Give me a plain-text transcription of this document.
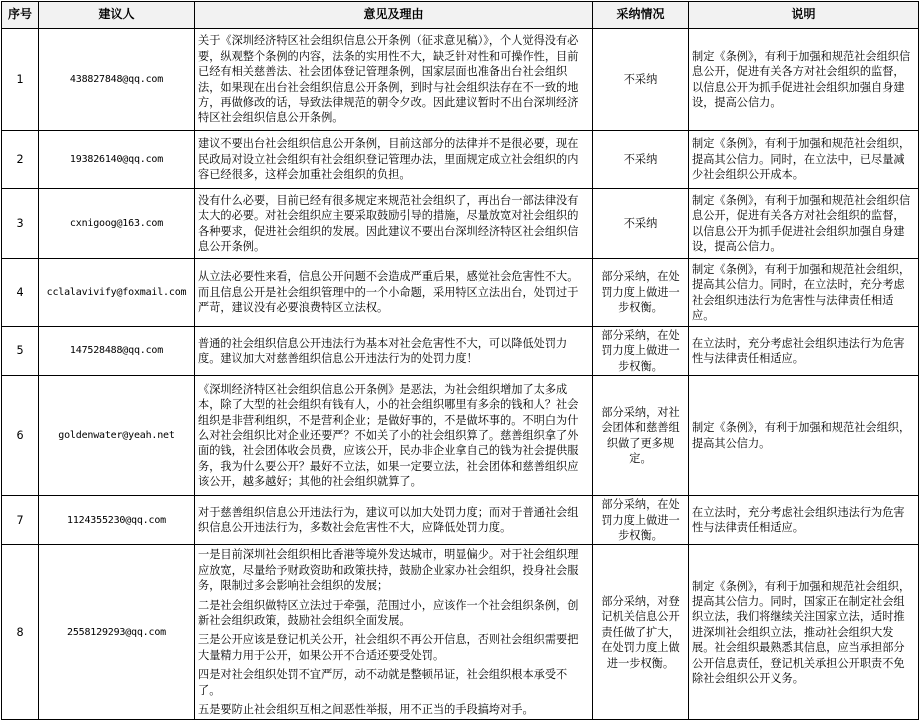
序号	建议人	意见及理由	采纳情况	说明
1	438827848@qq.com	关于《深圳经济特区社会组织信息公开条例（征求意见稿）》，个人觉得没有必要，纵观整个条例的内容，法条的实用性不大，缺乏针对性和可操作性，目前已经有相关慈善法、社会团体登记管理条例，国家层面也准备出台社会组织法，如果现在出台社会组织信息公开条例，到时与社会组织法存在不一致的地方，再做修改的话，导致法律规范的朝令夕改。因此建议暂时不出台深圳经济特区社会组织信息公开条例。	不采纳	制定《条例》，有利于加强和规范社会组织信息公开，促进有关各方对社会组织的监督，以信息公开为抓手促进社会组织加强自身建设，提高公信力。
2	193826140@qq.com	建议不要出台社会组织信息公开条例，目前这部分的法律并不是很必要，现在民政局对设立社会组织有社会组织登记管理办法，里面规定成立社会组织的内容已经很多，这样会加重社会组织的负担。	不采纳	制定《条例》，有利于加强和规范社会组织，提高其公信力。同时，在立法中，已尽量减少社会组织公开成本。
3	cxnigoog@163.com	没有什么必要，目前已经有很多规定来规范社会组织了，再出台一部法律没有太大的必要。对社会组织应主要采取鼓励引导的措施，尽量放宽对社会组织的各种要求，促进社会组织的发展。因此建议不要出台深圳经济特区社会组织信息公开条例。	不采纳	制定《条例》，有利于加强和规范社会组织信息公开，促进有关各方对社会组织的监督，以信息公开为抓手促进社会组织加强自身建设，提高公信力。
4	cclalavivify@foxmail.com	从立法必要性来看，信息公开问题不会造成严重后果，感觉社会危害性不大。而且信息公开是社会组织管理中的一个小命题，采用特区立法出台，处罚过于严苛，建议没有必要浪费特区立法权。	部分采纳，在处罚力度上做进一步权衡。	制定《条例》，有利于加强和规范社会组织，提高其公信力。同时，在立法时，充分考虑社会组织违法行为危害性与法律责任相适应。
5	147528488@qq.com	普通的社会组织信息公开违法行为基本对社会危害性不大，可以降低处罚力度。建议加大对慈善组织信息公开违法行为的处罚力度！	部分采纳，在处罚力度上做进一步权衡。	在立法时，充分考虑社会组织违法行为危害性与法律责任相适应。
6	goldenwater@yeah.net	《深圳经济特区社会组织信息公开条例》是恶法，为社会组织增加了太多成本，除了大型的社会组织有钱有人，小的社会组织哪里有多余的钱和人？社会组织是非营利组织，不是营利企业；是做好事的，不是做坏事的。不明白为什么对社会组织比对企业还要严？不如关了小的社会组织算了。慈善组织拿了外面的钱，社会团体收会员费，应该公开，民办非企业拿自己的钱为社会提供服务，我为什么要公开？最好不立法，如果一定要立法，社会团体和慈善组织应该公开，越多越好；其他的社会组织就算了。	部分采纳，对社会团体和慈善组织做了更多规定。	制定《条例》，有利于加强和规范社会组织，提高其公信力。
7	1124355230@qq.com	对于慈善组织信息公开违法行为，建议可以加大处罚力度；而对于普通社会组织信息公开违法行为，多数社会危害性不大，应降低处罚力度。	部分采纳，在处罚力度上做进一步权衡。	在立法时，充分考虑社会组织违法行为危害性与法律责任相适应。
8	2558129293@qq.com	一是目前深圳社会组织相比香港等境外发达城市，明显偏少。对于社会组织理应放宽，尽量给予财政资助和政策扶持，鼓励企业家办社会组织，投身社会服务，限制过多会影响社会组织的发展；
二是社会组织做特区立法过于牵强，范围过小，应该作一个社会组织条例，创新社会组织政策，鼓励社会组织全面发展。
三是公开应该是登记机关公开，社会组织不再公开信息，否则社会组织需要把大量精力用于公开，如果公开不合适还要受处罚。
四是对社会组织处罚不宜严厉，动不动就是整顿吊证，社会组织根本承受不了。
五是要防止社会组织互相之间恶性举报，用不正当的手段搞垮对手。	部分采纳，对登记机关信息公开责任做了扩大，在处罚力度上做进一步权衡。	制定《条例》，有利于加强和规范社会组织，提高其公信力。同时，国家正在制定社会组织立法，我们将继续关注国家立法，适时推进深圳社会组织立法，推动社会组织大发展。社会组织最熟悉其信息，应当承担部分公开信息责任，登记机关承担公开职责不免除社会组织公开义务。
